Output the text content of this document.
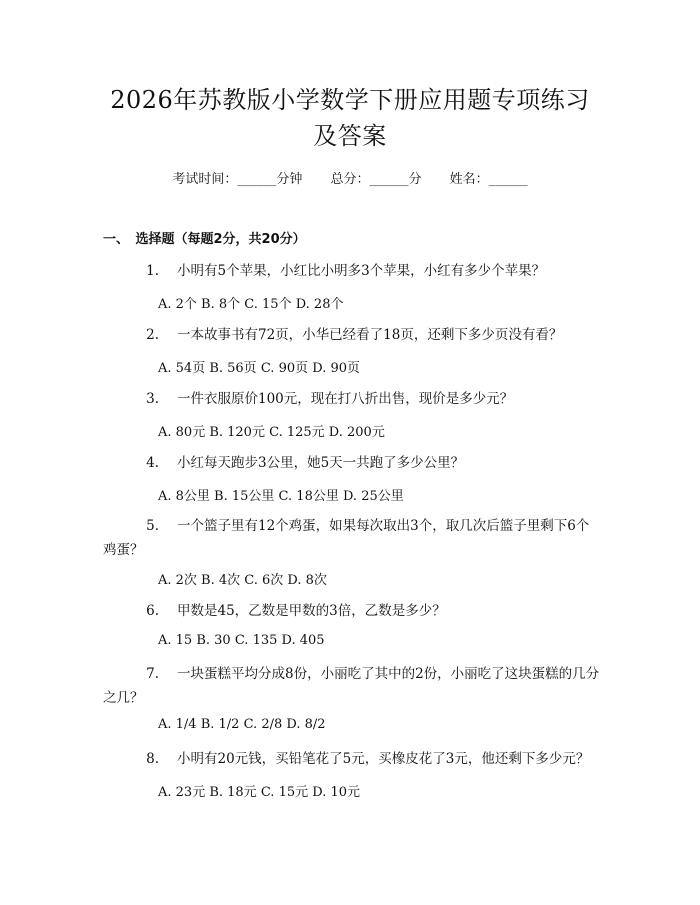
2026年苏教版小学数学下册应用题专项练习
及答案
考试时间：______分钟 总分：______分 姓名：______
一、　选择题（每题2分，共20分）
1. 小明有5个苹果，小红比小明多3个苹果，小红有多少个苹果？
A. 2个 B. 8个 C. 15个 D. 28个
2. 一本故事书有72页，小华已经看了18页，还剩下多少页没有看？
A. 54页 B. 56页 C. 90页 D. 90页
3. 一件衣服原价100元，现在打八折出售，现价是多少元？
A. 80元 B. 120元 C. 125元 D. 200元
4. 小红每天跑步3公里，她5天一共跑了多少公里？
A. 8公里 B. 15公里 C. 18公里 D. 25公里
5. 一个篮子里有12个鸡蛋，如果每次取出3个，取几次后篮子里剩下6个
鸡蛋？
A. 2次 B. 4次 C. 6次 D. 8次
6. 甲数是45，乙数是甲数的3倍，乙数是多少？
A. 15 B. 30 C. 135 D. 405
7. 一块蛋糕平均分成8份，小丽吃了其中的2份，小丽吃了这块蛋糕的几分
之几？
A. 1/4 B. 1/2 C. 2/8 D. 8/2
8. 小明有20元钱，买铅笔花了5元，买橡皮花了3元，他还剩下多少元？
A. 23元 B. 18元 C. 15元 D. 10元
